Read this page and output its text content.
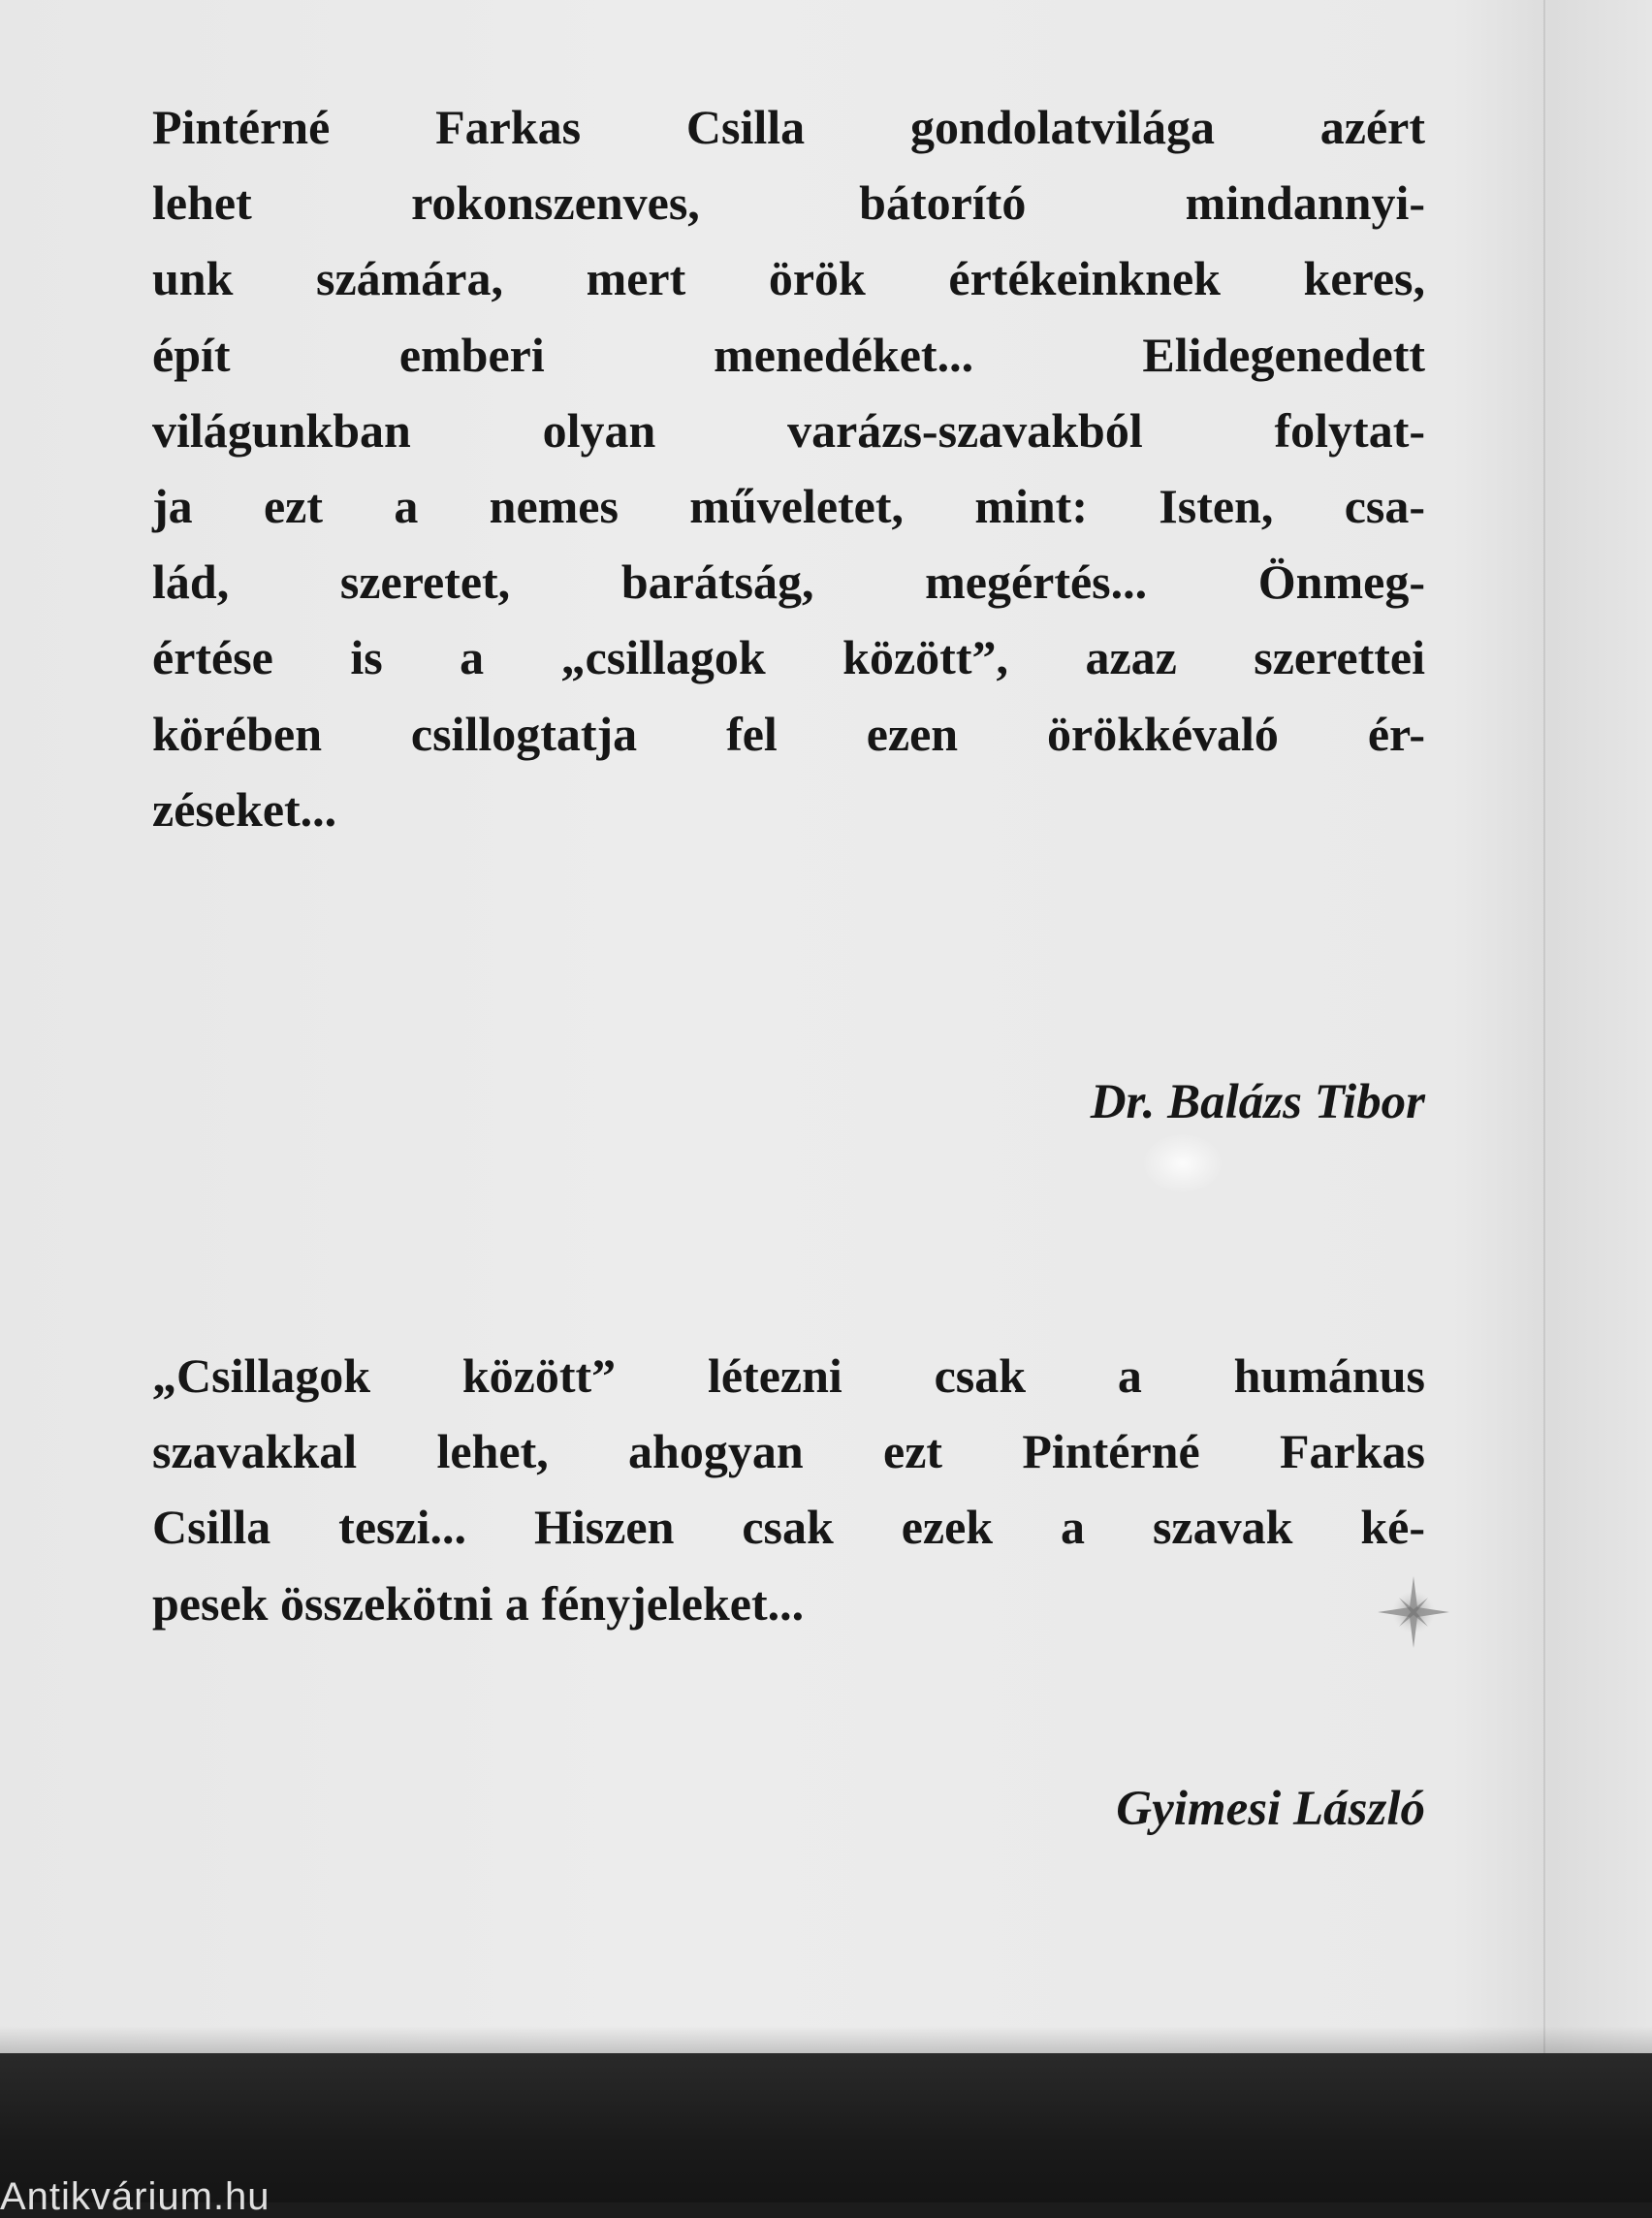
Pintérné Farkas Csilla gondolatvilága azért
lehet rokonszenves, bátorító mindannyi-
unk számára, mert örök értékeinknek keres,
épít emberi menedéket... Elidegenedett
világunkban olyan varázs-szavakból folytat-
ja ezt a nemes műveletet, mint: Isten, csa-
lád, szeretet, barátság, megértés... Önmeg-
értése is a „csillagok között”, azaz szerettei
körében csillogtatja fel ezen örökkévaló ér-
zéseket...

Dr. Balázs Tibor

„Csillagok között” létezni csak a humánus
szavakkal lehet, ahogyan ezt Pintérné Farkas
Csilla teszi... Hiszen csak ezek a szavak ké-
pesek összekötni a fényjeleket...

Gyimesi László

Antikvárium.hu
